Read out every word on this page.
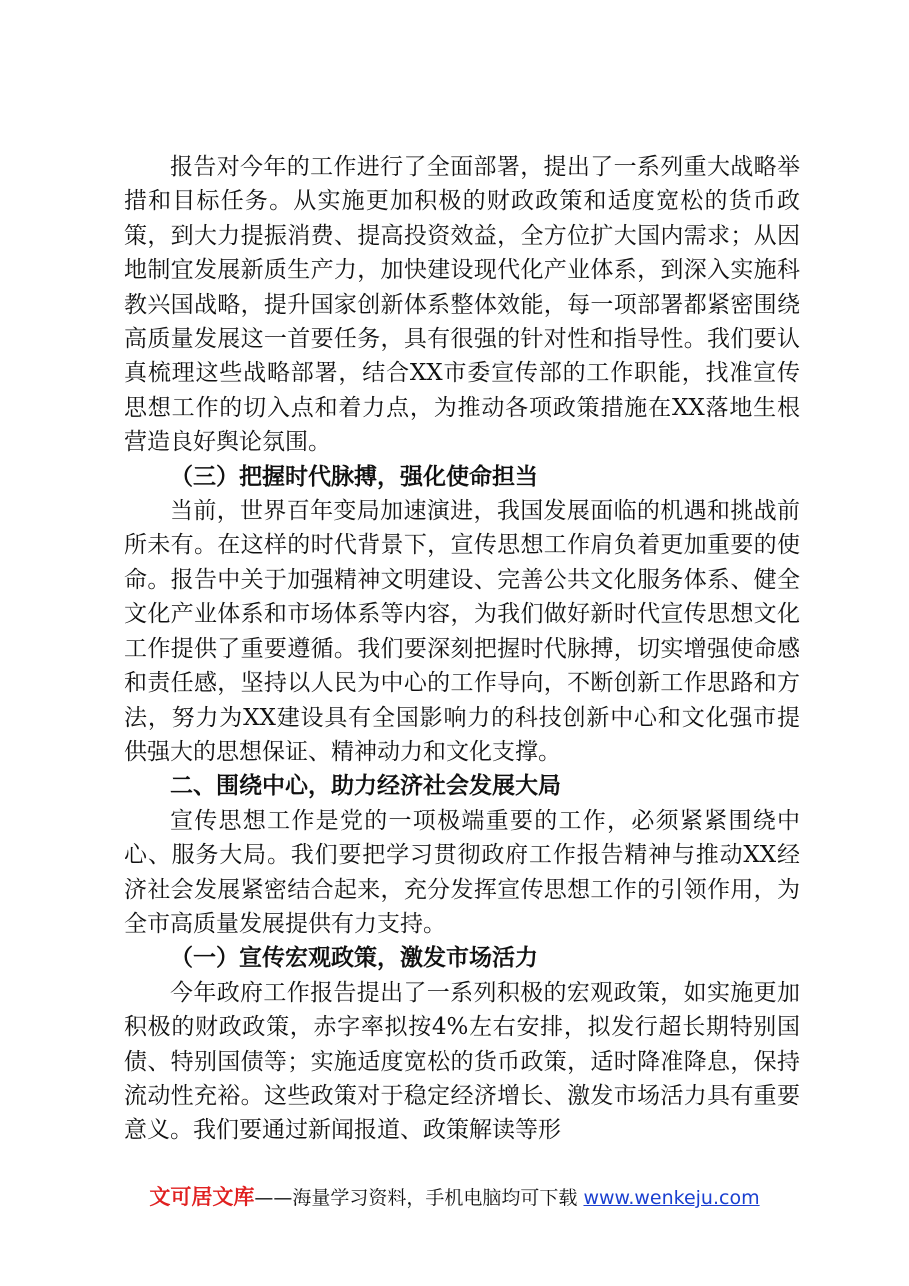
报告对今年的工作进行了全面部署，提出了一系列重大战略举措和目标任务。从实施更加积极的财政政策和适度宽松的货币政策，到大力提振消费、提高投资效益，全方位扩大国内需求；从因地制宜发展新质生产力，加快建设现代化产业体系，到深入实施科教兴国战略，提升国家创新体系整体效能，每一项部署都紧密围绕高质量发展这一首要任务，具有很强的针对性和指导性。我们要认真梳理这些战略部署，结合XX市委宣传部的工作职能，找准宣传思想工作的切入点和着力点，为推动各项政策措施在XX落地生根营造良好舆论氛围。

（三）把握时代脉搏，强化使命担当

当前，世界百年变局加速演进，我国发展面临的机遇和挑战前所未有。在这样的时代背景下，宣传思想工作肩负着更加重要的使命。报告中关于加强精神文明建设、完善公共文化服务体系、健全文化产业体系和市场体系等内容，为我们做好新时代宣传思想文化工作提供了重要遵循。我们要深刻把握时代脉搏，切实增强使命感和责任感，坚持以人民为中心的工作导向，不断创新工作思路和方法，努力为XX建设具有全国影响力的科技创新中心和文化强市提供强大的思想保证、精神动力和文化支撑。

二、围绕中心，助力经济社会发展大局

宣传思想工作是党的一项极端重要的工作，必须紧紧围绕中心、服务大局。我们要把学习贯彻政府工作报告精神与推动XX经济社会发展紧密结合起来，充分发挥宣传思想工作的引领作用，为全市高质量发展提供有力支持。

（一）宣传宏观政策，激发市场活力

今年政府工作报告提出了一系列积极的宏观政策，如实施更加积极的财政政策，赤字率拟按4%左右安排，拟发行超长期特别国债、特别国债等；实施适度宽松的货币政策，适时降准降息，保持流动性充裕。这些政策对于稳定经济增长、激发市场活力具有重要意义。我们要通过新闻报道、政策解读等形

文可居文库——海量学习资料，手机电脑均可下载 www.wenkeju.com
